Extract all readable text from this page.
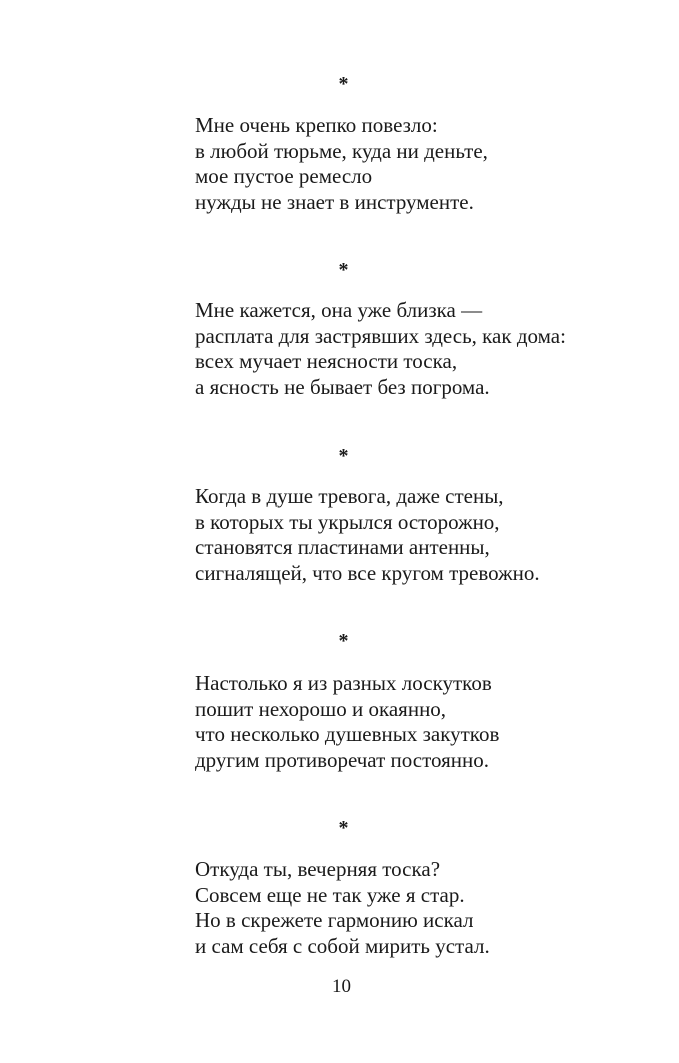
*
Мне очень крепко повезло:
в любой тюрьме, куда ни деньте,
мое пустое ремесло
нужды не знает в инструменте.
*
Мне кажется, она уже близка —
расплата для застрявших здесь, как дома:
всех мучает неясности тоска,
а ясность не бывает без погрома.
*
Когда в душе тревога, даже стены,
в которых ты укрылся осторожно,
становятся пластинами антенны,
сигналящей, что все кругом тревожно.
*
Настолько я из разных лоскутков
пошит нехорошо и окаянно,
что несколько душевных закутков
другим противоречат постоянно.
*
Откуда ты, вечерняя тоска?
Совсем еще не так уже я стар.
Но в скрежете гармонию искал
и сам себя с собой мирить устал.
10
